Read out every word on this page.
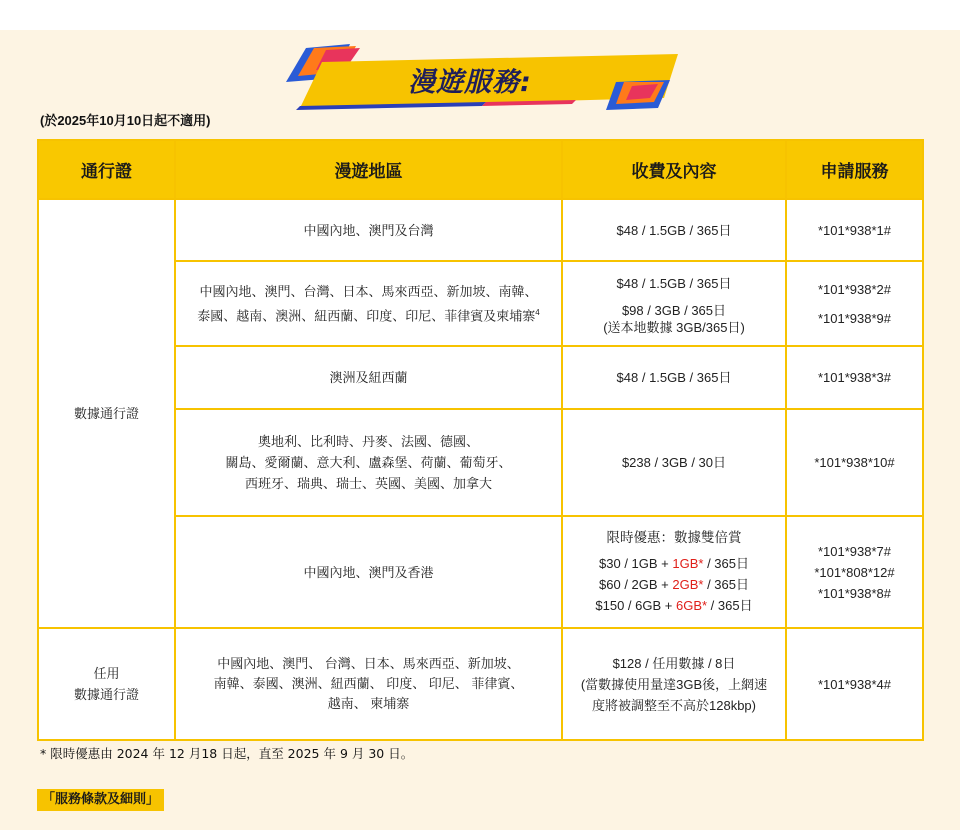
漫遊服務:
(於2025年10月10日起不適用)
通行證	漫遊地區	收費及內容	申請服務
數據通行證	中國內地、澳門及台灣	$48 / 1.5GB / 365日	*101*938*1#

	中國內地、澳門、台灣、日本、馬來西亞、新加坡、南韓、
泰國、越南、澳洲、紐西蘭、印度、印尼、菲律賓及柬埔寨$^4$	$48 / 1.5GB / 365日
$98 / 3GB / 365日
(送本地數據 3GB/365日)	*101*938*2#
*101*938*9#

	澳洲及紐西蘭	$48 / 1.5GB / 365日	*101*938*3#

	奧地利、比利時、丹麥、法國、德國、
關島、愛爾蘭、意大利、盧森堡、荷蘭、葡萄牙、
西班牙、瑞典、瑞士、英國、美國、加拿大	$238 / 3GB / 30日	*101*938*10#

	中國內地、澳門及香港	限時優惠：數據雙倍賞
$30 / 1GB + 1GB* / 365日
$60 / 2GB + 2GB* / 365日
$150 / 6GB + 6GB* / 365日	*101*938*7#
*101*808*12#
*101*938*8#

任用
數據通行證	中國內地、澳門、 台灣、日本、馬來西亞、新加坡、
南韓、泰國、澳洲、紐西蘭、 印度、 印尼、 菲律賓、
越南、 柬埔寨	$128 / 任用數據 / 8日
(當數據使用量達3GB後，上網速
度將被調整至不高於128kbp)	*101*938*4#
* 限時優惠由 2024 年 12 月18 日起，直至 2025 年 9 月 30 日。
「服務條款及細則」
